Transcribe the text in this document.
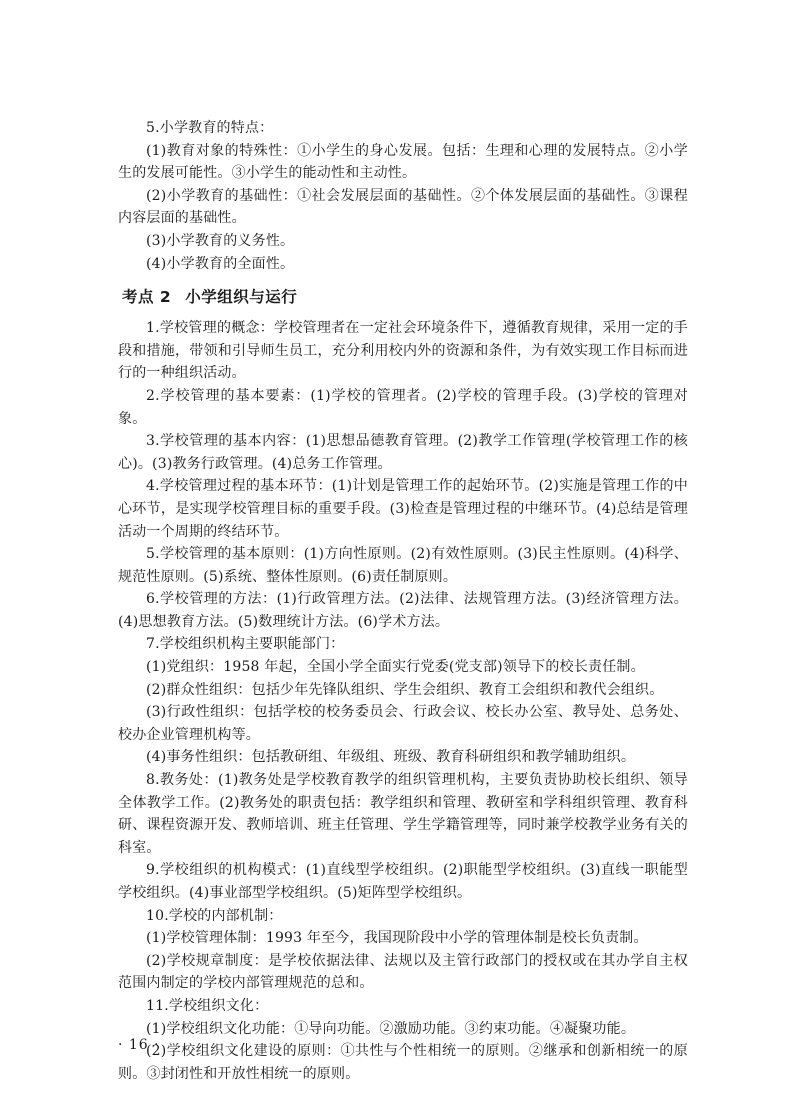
5.小学教育的特点：

(1)教育对象的特殊性：①小学生的身心发展。包括：生理和心理的发展特点。②小学生的发展可能性。③小学生的能动性和主动性。

(2)小学教育的基础性：①社会发展层面的基础性。②个体发展层面的基础性。③课程内容层面的基础性。

(3)小学教育的义务性。

(4)小学教育的全面性。

考点 2 小学组织与运行

1.学校管理的概念：学校管理者在一定社会环境条件下，遵循教育规律，采用一定的手段和措施，带领和引导师生员工，充分利用校内外的资源和条件，为有效实现工作目标而进行的一种组织活动。

2.学校管理的基本要素：(1)学校的管理者。(2)学校的管理手段。(3)学校的管理对象。

3.学校管理的基本内容：(1)思想品德教育管理。(2)教学工作管理(学校管理工作的核心)。(3)教务行政管理。(4)总务工作管理。

4.学校管理过程的基本环节：(1)计划是管理工作的起始环节。(2)实施是管理工作的中心环节，是实现学校管理目标的重要手段。(3)检查是管理过程的中继环节。(4)总结是管理活动一个周期的终结环节。

5.学校管理的基本原则：(1)方向性原则。(2)有效性原则。(3)民主性原则。(4)科学、规范性原则。(5)系统、整体性原则。(6)责任制原则。

6.学校管理的方法：(1)行政管理方法。(2)法律、法规管理方法。(3)经济管理方法。(4)思想教育方法。(5)数理统计方法。(6)学术方法。

7.学校组织机构主要职能部门：

(1)党组织：1958 年起，全国小学全面实行党委(党支部)领导下的校长责任制。

(2)群众性组织：包括少年先锋队组织、学生会组织、教育工会组织和教代会组织。

(3)行政性组织：包括学校的校务委员会、行政会议、校长办公室、教导处、总务处、校办企业管理机构等。

(4)事务性组织：包括教研组、年级组、班级、教育科研组织和教学辅助组织。

8.教务处：(1)教务处是学校教育教学的组织管理机构，主要负责协助校长组织、领导全体教学工作。(2)教务处的职责包括：教学组织和管理、教研室和学科组织管理、教育科研、课程资源开发、教师培训、班主任管理、学生学籍管理等，同时兼学校教学业务有关的科室。

9.学校组织的机构模式：(1)直线型学校组织。(2)职能型学校组织。(3)直线一职能型学校组织。(4)事业部型学校组织。(5)矩阵型学校组织。

10.学校的内部机制：

(1)学校管理体制：1993 年至今，我国现阶段中小学的管理体制是校长负责制。

(2)学校规章制度：是学校依据法律、法规以及主管行政部门的授权或在其办学自主权范围内制定的学校内部管理规范的总和。

11.学校组织文化：

(1)学校组织文化功能：①导向功能。②激励功能。③约束功能。④凝聚功能。

(2)学校组织文化建设的原则：①共性与个性相统一的原则。②继承和创新相统一的原则。③封闭性和开放性相统一的原则。

· 16 ·
